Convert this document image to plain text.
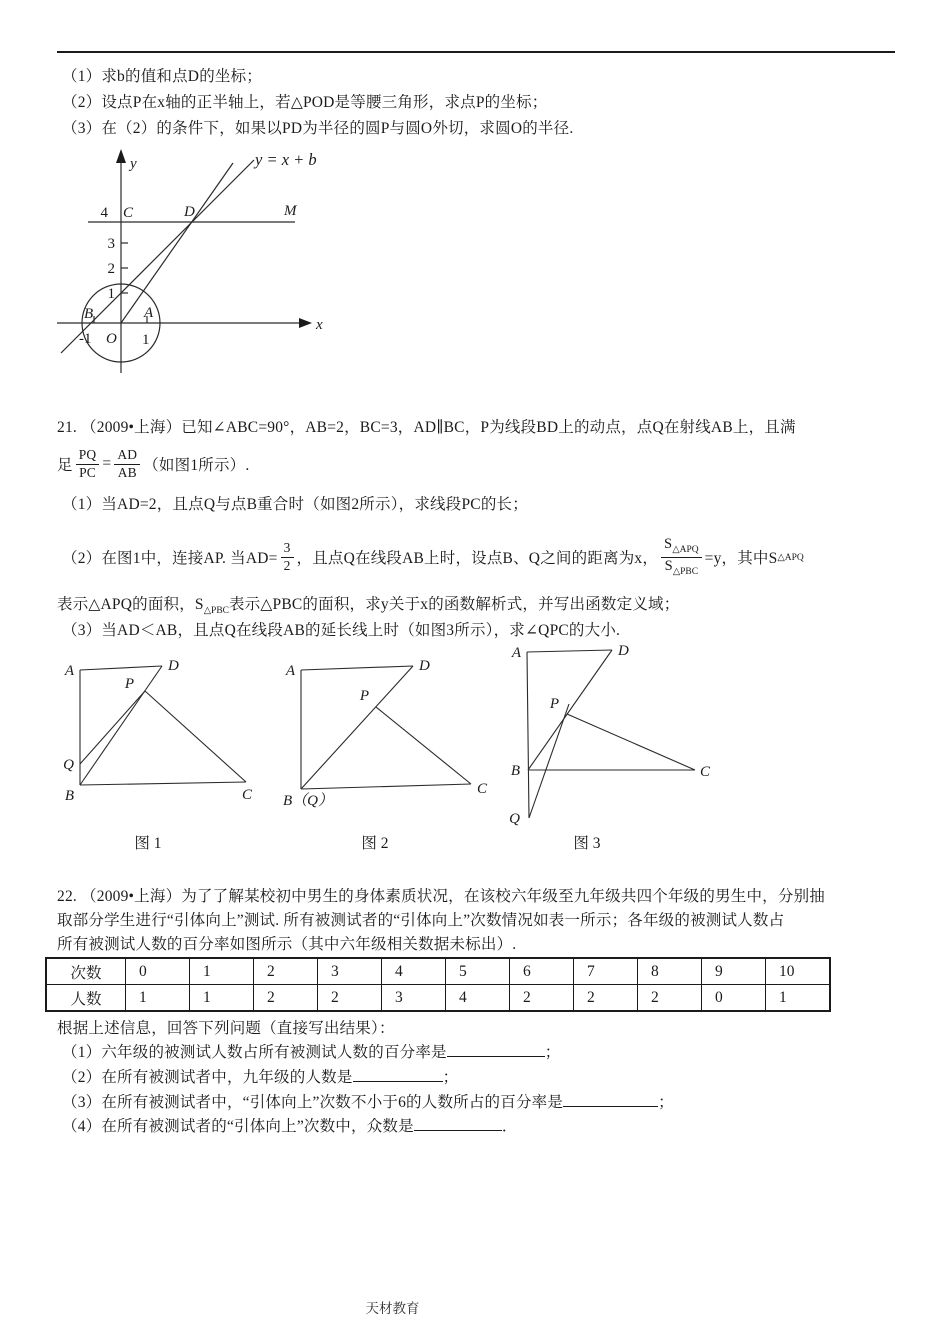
（1）求b的值和点D的坐标；
（2）设点P在x轴的正半轴上，若△POD是等腰三角形，求点P的坐标；
（3）在（2）的条件下，如果以PD为半径的圆P与圆O外切，求圆O的半径.
y
x
y = x + b
4 C	D	M
3
2
1
B	A
-1 O 1
21. （2009•上海）已知∠ABC=90°，AB=2，BC=3，AD∥BC，P为线段BD上的动点，点Q在射线AB上，且满
足 $\frac{PQ}{PC} = \frac{AD}{AB}$ （如图1所示）.
（1）当AD=2，且点Q与点B重合时（如图2所示），求线段PC的长；
（2）在图1中，连接AP. 当$AD= \frac{3}{2}$ ，且点Q在线段AB上时，设点B、Q之间的距离为x， $\frac{S_{\triangle APQ}}{S_{\triangle PBC}} =y$，其中S △APQ
表示△APQ的面积，$S_{\triangle PBC}$表示△PBC的面积，求y关于x的函数解析式，并写出函数定义域；
（3）当AD＜AB，且点Q在线段AB的延长线上时（如图3所示），求∠QPC的大小.
A	D
P
Q
B	C
A	D
P
B（Q）
C
A	D
P
B
Q
C
图 1	图 2	图 3
22. （2009•上海）为了了解某校初中男生的身体素质状况，在该校六年级至九年级共四个年级的男生中，分别抽
取部分学生进行“引体向上”测试. 所有被测试者的“引体向上”次数情况如表一所示；各年级的被测试人数占
所有被测试人数的百分率如图所示（其中六年级相关数据未标出）.
次数	0	1	2	3	4	5	6	7	8	9	10
人数	1	1	2	2	3	4	2	2	2	0	1
根据上述信息，回答下列问题（直接写出结果）：
（1）六年级的被测试人数占所有被测试人数的百分率是	；
（2）在所有被测试者中，九年级的人数是	；
（3）在所有被测试者中，“引体向上”次数不小于6的人数所占的百分率是	；
（4）在所有被测试者的“引体向上”次数中，众数是	．
天材教育
